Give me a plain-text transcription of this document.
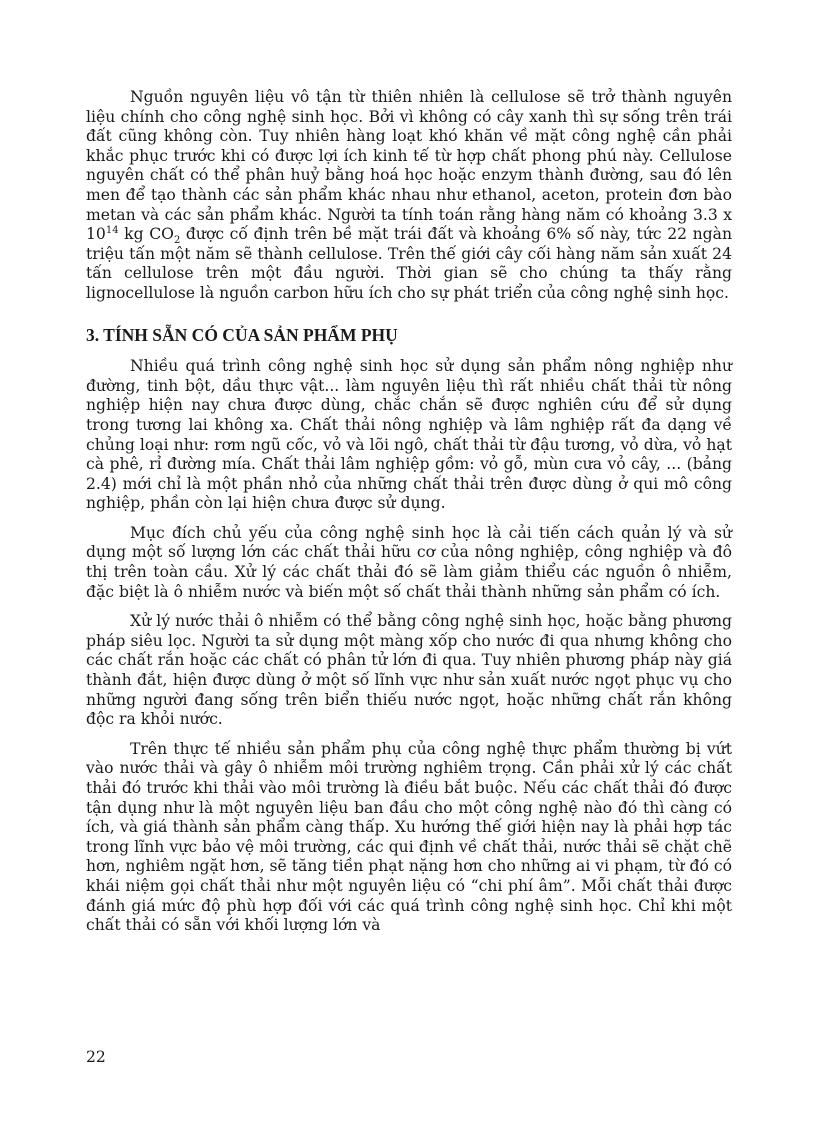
Nguồn nguyên liệu vô tận từ thiên nhiên là cellulose sẽ trở thành nguyên liệu chính cho công nghệ sinh học. Bởi vì không có cây xanh thì sự sống trên trái đất cũng không còn. Tuy nhiên hàng loạt khó khăn về mặt công nghệ cần phải khắc phục trước khi có được lợi ích kinh tế từ hợp chất phong phú này. Cellulose nguyên chất có thể phân huỷ bằng hoá học hoặc enzym thành đường, sau đó lên men để tạo thành các sản phẩm khác nhau như ethanol, aceton, protein đơn bào metan và các sản phẩm khác. Người ta tính toán rằng hàng năm có khoảng 3.3 x $10^{14}$ kg $CO_2$ được cố định trên bề mặt trái đất và khoảng 6% số này, tức 22 ngàn triệu tấn một năm sẽ thành cellulose. Trên thế giới cây cối hàng năm sản xuất 24 tấn cellulose trên một đầu người. Thời gian sẽ cho chúng ta thấy rằng lignocellulose là nguồn carbon hữu ích cho sự phát triển của công nghệ sinh học.

3. TÍNH SẴN CÓ CỦA SẢN PHẨM PHỤ

Nhiều quá trình công nghệ sinh học sử dụng sản phẩm nông nghiệp như đường, tinh bột, dầu thực vật... làm nguyên liệu thì rất nhiều chất thải từ nông nghiệp hiện nay chưa được dùng, chắc chắn sẽ được nghiên cứu để sử dụng trong tương lai không xa. Chất thải nông nghiệp và lâm nghiệp rất đa dạng về chủng loại như: rơm ngũ cốc, vỏ và lõi ngô, chất thải từ đậu tương, vỏ dừa, vỏ hạt cà phê, rỉ đường mía. Chất thải lâm nghiệp gồm: vỏ gỗ, mùn cưa vỏ cây, ... (bảng 2.4) mới chỉ là một phần nhỏ của những chất thải trên được dùng ở qui mô công nghiệp, phần còn lại hiện chưa được sử dụng.

Mục đích chủ yếu của công nghệ sinh học là cải tiến cách quản lý và sử dụng một số lượng lớn các chất thải hữu cơ của nông nghiệp, công nghiệp và đô thị trên toàn cầu. Xử lý các chất thải đó sẽ làm giảm thiểu các nguồn ô nhiễm, đặc biệt là ô nhiễm nước và biến một số chất thải thành những sản phẩm có ích.

Xử lý nước thải ô nhiễm có thể bằng công nghệ sinh học, hoặc bằng phương pháp siêu lọc. Người ta sử dụng một màng xốp cho nước đi qua nhưng không cho các chất rắn hoặc các chất có phân tử lớn đi qua. Tuy nhiên phương pháp này giá thành đắt, hiện được dùng ở một số lĩnh vực như sản xuất nước ngọt phục vụ cho những người đang sống trên biển thiếu nước ngọt, hoặc những chất rắn không độc ra khỏi nước.

Trên thực tế nhiều sản phẩm phụ của công nghệ thực phẩm thường bị vứt vào nước thải và gây ô nhiễm môi trường nghiêm trọng. Cần phải xử lý các chất thải đó trước khi thải vào môi trường là điều bắt buộc. Nếu các chất thải đó được tận dụng như là một nguyên liệu ban đầu cho một công nghệ nào đó thì càng có ích, và giá thành sản phẩm càng thấp. Xu hướng thế giới hiện nay là phải hợp tác trong lĩnh vực bảo vệ môi trường, các qui định về chất thải, nước thải sẽ chặt chẽ hơn, nghiêm ngặt hơn, sẽ tăng tiền phạt nặng hơn cho những ai vi phạm, từ đó có khái niệm gọi chất thải như một nguyên liệu có “chi phí âm”. Mỗi chất thải được đánh giá mức độ phù hợp đối với các quá trình công nghệ sinh học. Chỉ khi một chất thải có sẵn với khối lượng lớn và

22
